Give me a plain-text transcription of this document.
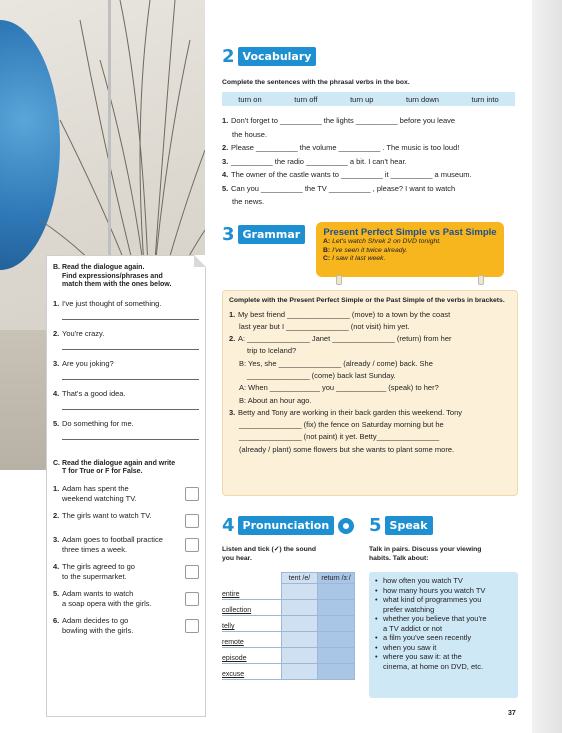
B. Read the dialogue again.
Find expressions/phrases and
match them with the ones below.
1. I've just thought of something.
2. You're crazy.
3. Are you joking?
4. That's a good idea.
5. Do something for me.
C. Read the dialogue again and write
T for True or F for False.
1. Adam has spent the
weekend watching TV.
2. The girls want to watch TV.
3. Adam goes to football practice
three times a week.
4. The girls agreed to go
to the supermarket.
5. Adam wants to watch
a soap opera with the girls.
6. Adam decides to go
bowling with the girls.
2 Vocabulary
Complete the sentences with the phrasal verbs in the box.
turn on	turn off	turn up	turn down	turn into
1. Don't forget to __________ the lights __________ before you leave
the house.
2. Please __________ the volume __________ . The music is too loud!
3. __________ the radio __________ a bit. I can't hear.
4. The owner of the castle wants to __________ it __________ a museum.
5. Can you __________ the TV __________ , please? I want to watch
the news.
3 Grammar	Present Perfect Simple vs Past Simple
A: Let's watch Shrek 2 on DVD tonight.
B: I've seen it twice already.
C: I saw it last week.
Complete with the Present Perfect Simple or the Past Simple of the verbs in brackets.
1. My best friend _______________ (move) to a town by the coast
last year but I _______________ (not visit) him yet.
2. A: _______________ Janet _______________ (return) from her
trip to Iceland?
B: Yes, she _______________ (already / come) back. She
_______________ (come) back last Sunday.
A: When ____________ you ____________ (speak) to her?
B: About an hour ago.
3. Betty and Tony are working in their back garden this weekend. Tony
_______________ (fix) the fence on Saturday morning but he
_______________ (not paint) it yet. Betty_______________
(already / plant) some flowers but she wants to plant some more.
4 Pronunciation
Listen and tick (✓) the sound
you hear.
	tent /e/	return /ɜː/
entire		
collection		
telly		
remote		
episode		
excuse		
5 Speak
Talk in pairs. Discuss your viewing
habits. Talk about:
• how often you watch TV
• how many hours you watch TV
• what kind of programmes you
prefer watching
• whether you believe that you're
a TV addict or not
• a film you've seen recently
• when you saw it
• where you saw it: at the
cinema, at home on DVD, etc.
37
